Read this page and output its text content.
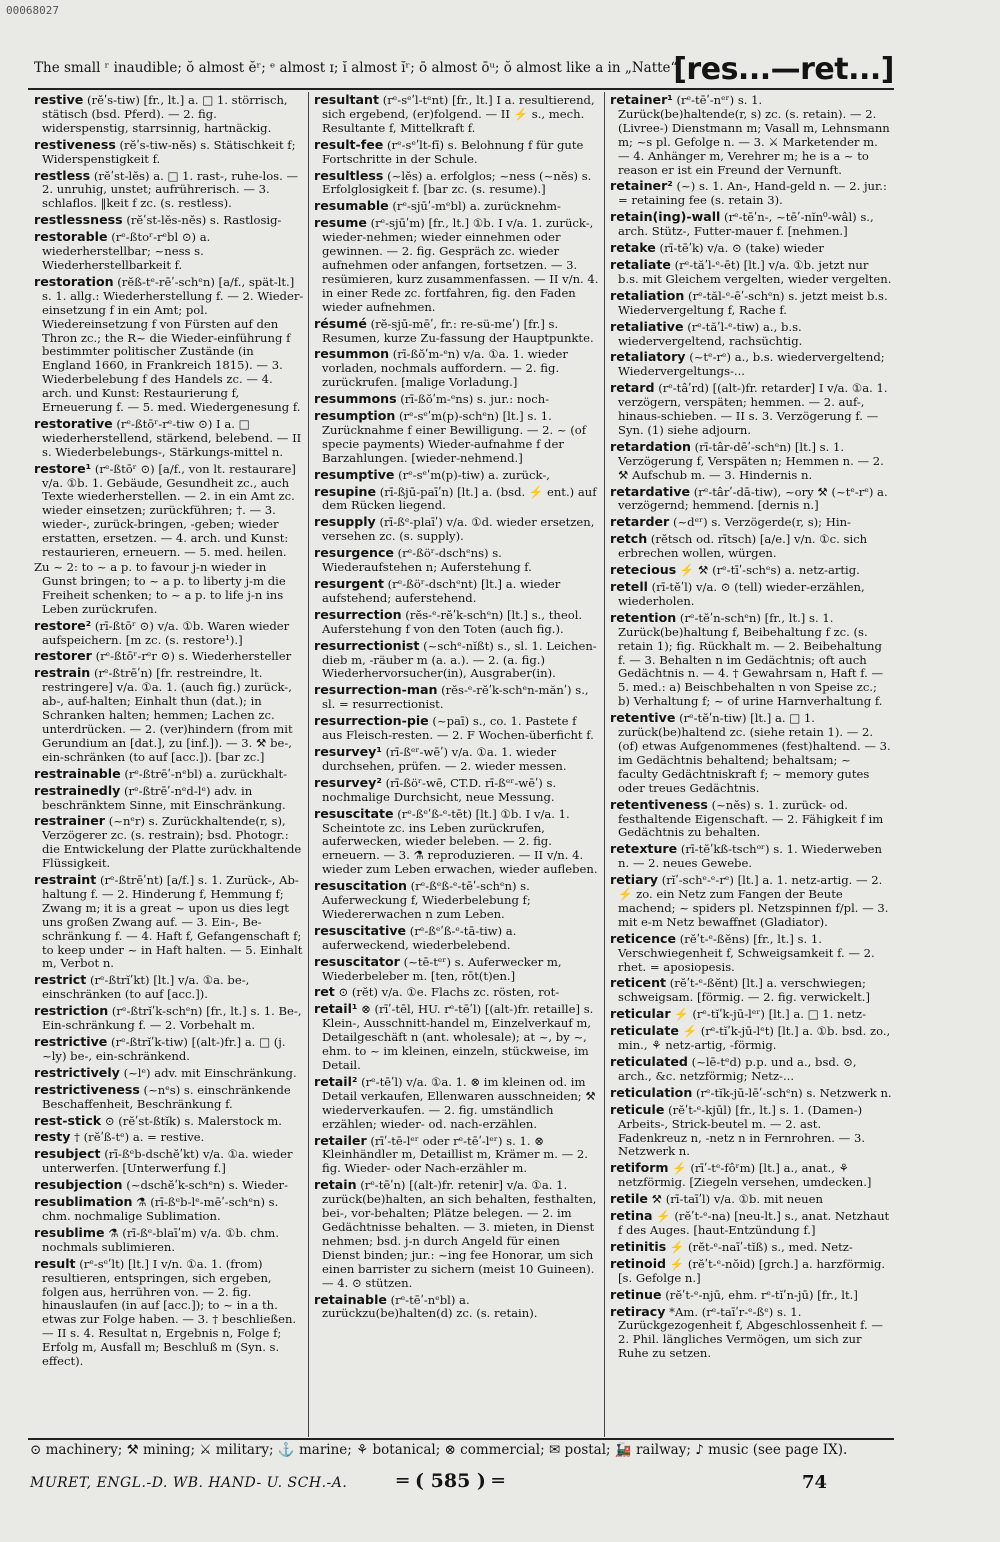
00068027
The small ʳ inaudible; ŏ almost ĕʳ; ᵉ almost ɪ; ĭ almost ĭʳ; ō almost ōᵘ; ŏ almost like a in „Natte“.
[res...—ret...]

restive (rĕʹs-tiw) [fr., lt.] a. □ 1. störrisch, stätisch (bsd. Pferd). — 2. fig. widerspenstig, starrsinnig, hartnäckig.

restiveness (rĕʹs-tiw-nĕs) s. Stätischkeit f; Widerspenstigkeit f.

restless (rĕʹst-lĕs) a. □ 1. rast-, ruhe-los. — 2. unruhig, unstet; aufrührerisch. — 3. schlaflos. ‖keit f zc. (s. restless).

restlessness (rĕʹst-lĕs-nĕs) s. Rastlosig-

restorable (rᵉ-ßtoʳ-rᵉbl ⊙) a. wiederherstellbar; ~ness s. Wiederherstellbarkeit f.

restoration (rĕß-tᵉ-rēʹ-schᵉn) [a/f., spät-lt.] s. 1. allg.: Wiederherstellung f. — 2. Wieder-einsetzung f in ein Amt; pol. Wiedereinsetzung f von Fürsten auf den Thron zc.; the R~ die Wieder-einführung f bestimmter politischer Zustände (in England 1660, in Frankreich 1815). — 3. Wiederbelebung f des Handels zc. — 4. arch. und Kunst: Restaurierung f, Erneuerung f. — 5. med. Wiedergenesung f.

restorative (rᵉ-ßtōʳ-rᵉ-tiw ⊙) I a. □ wiederherstellend, stärkend, belebend. — II s. Wiederbelebungs-, Stärkungs-mittel n.

restore¹ (rᵉ-ßtōʳ ⊙) [a/f., von lt. restaurare] v/a. ①b. 1. Gebäude, Gesundheit zc., auch Texte wiederherstellen. — 2. in ein Amt zc. wieder einsetzen; zurückführen; †. — 3. wieder-, zurück-bringen, -geben; wieder erstatten, ersetzen. — 4. arch. und Kunst: restaurieren, erneuern. — 5. med. heilen.

Zu ~ 2: to ~ a p. to favour j-n wieder in Gunst bringen; to ~ a p. to liberty j-m die Freiheit schenken; to ~ a p. to life j-n ins Leben zurückrufen.

restore² (rī-ßtōʳ ⊙) v/a. ①b. Waren wieder aufspeichern. [m zc. (s. restore¹).]

restorer (rᵉ-ßtōʳ-rᵉr ⊙) s. Wiederhersteller

restrain (rᵉ-ßtrēʹn) [fr. restreindre, lt. restringere] v/a. ①a. 1. (auch fig.) zurück-, ab-, auf-halten; Einhalt thun (dat.); in Schranken halten; hemmen; Lachen zc. unterdrücken. — 2. (ver)hindern (from mit Gerundium an [dat.], zu [inf.]). — 3. ⚒ be-, ein-schränken (to auf [acc.]). [bar zc.]

restrainable (rᵉ-ßtrēʹ-nᵉbl) a. zurückhalt-

restrainedly (rᵉ-ßtrēʹ-nᵉd-lᵉ) adv. in beschränktem Sinne, mit Einschränkung.

restrainer (~nᵉr) s. Zurückhaltende(r, s), Verzögerer zc. (s. restrain); bsd. Photogr.: die Entwickelung der Platte zurückhaltende Flüssigkeit.

restraint (rᵉ-ßtrēʹnt) [a/f.] s. 1. Zurück-, Ab-haltung f. — 2. Hinderung f, Hemmung f; Zwang m; it is a great ~ upon us dies legt uns großen Zwang auf. — 3. Ein-, Be-schränkung f. — 4. Haft f, Gefangenschaft f; to keep under ~ in Haft halten. — 5. Einhalt m, Verbot n.

restrict (rᵉ-ßtrĭʹkt) [lt.] v/a. ①a. be-, einschränken (to auf [acc.]).

restriction (rᵉ-ßtrĭʹk-schᵉn) [fr., lt.] s. 1. Be-, Ein-schränkung f. — 2. Vorbehalt m.

restrictive (rᵉ-ßtrĭʹk-tiw) [(alt-)fr.] a. □ (j. ~ly) be-, ein-schränkend.

restrictively (~lᵉ) adv. mit Einschränkung.

restrictiveness (~nᵉs) s. einschränkende Beschaffenheit, Beschränkung f.

rest-stick ⊙ (rĕʹst-ßtĭk) s. Malerstock m.

resty † (rĕʹß-tᵉ) a. = restive.

resubject (rī-ßᵉb-dschĕʹkt) v/a. ①a. wieder unterwerfen. [Unterwerfung f.]

resubjection (~dschĕʹk-schᵉn) s. Wieder-

resublimation ⚗ (rī-ßᵉb-lᵉ-mēʹ-schᵉn) s. chm. nochmalige Sublimation.

resublime ⚗ (rī-ßᵉ-blaīʹm) v/a. ①b. chm. nochmals sublimieren.

result (rᵉ-sᵉʹlt) [lt.] I v/n. ①a. 1. (from) resultieren, entspringen, sich ergeben, folgen aus, herrühren von. — 2. fig. hinauslaufen (in auf [acc.]); to ~ in a th. etwas zur Folge haben. — 3. † beschließen. — II s. 4. Resultat n, Ergebnis n, Folge f; Erfolg m, Ausfall m; Beschluß m (Syn. s. effect).

resultant (rᵉ-sᵉʹl-tᵉnt) [fr., lt.] I a. resultierend, sich ergebend, (er)folgend. — II ⚡ s., mech. Resultante f, Mittelkraft f.

result-fee (rᵉ-sᵉʹlt-fī) s. Belohnung f für gute Fortschritte in der Schule.

resultless (~lĕs) a. erfolglos; ~ness (~nĕs) s. Erfolglosigkeit f. [bar zc. (s. resume).]

resumable (rᵉ-sjūʹ-mᵉbl) a. zurücknehm-

resume (rᵉ-sjūʹm) [fr., lt.] ①b. I v/a. 1. zurück-, wieder-nehmen; wieder einnehmen oder gewinnen. — 2. fig. Gespräch zc. wieder aufnehmen oder anfangen, fortsetzen. — 3. resümieren, kurz zusammenfassen. — II v/n. 4. in einer Rede zc. fortfahren, fig. den Faden wieder aufnehmen.

résumé (rĕ-sjū-mēʹ, fr.: re-sü-meʹ) [fr.] s. Resumen, kurze Zu-fassung der Hauptpunkte.

resummon (rī-ßŏʹm-ᵉn) v/a. ①a. 1. wieder vorladen, nochmals auffordern. — 2. fig. zurückrufen. [malige Vorladung.]

resummons (rī-ßŏʹm-ᵉns) s. jur.: noch-

resumption (rᵉ-sᵉʹm(p)-schᵉn) [lt.] s. 1. Zurücknahme f einer Bewilligung. — 2. ~ (of specie payments) Wieder-aufnahme f der Barzahlungen. [wieder-nehmend.]

resumptive (rᵉ-sᵉʹm(p)-tiw) a. zurück-,

resupine (rī-ßjū-paīʹn) [lt.] a. (bsd. ⚡ ent.) auf dem Rücken liegend.

resupply (rī-ßᵉ-plaīʹ) v/a. ①d. wieder ersetzen, versehen zc. (s. supply).

resurgence (rᵉ-ßöʳ-dschᵉns) s. Wiederaufstehen n; Auferstehung f.

resurgent (rᵉ-ßöʳ-dschᵉnt) [lt.] a. wieder aufstehend; auferstehend.

resurrection (rĕs-ᵉ-rĕʹk-schᵉn) [lt.] s., theol. Auferstehung f von den Toten (auch fig.).

resurrectionist (~schᵉ-nĭßt) s., sl. 1. Leichen-dieb m, -räuber m (a. a.). — 2. (a. fig.) Wiederhervorsucher(in), Ausgraber(in).

resurrection-man (rĕs-ᵉ-rĕʹk-schᵉn-mănʹ) s., sl. = resurrectionist.

resurrection-pie (~paī) s., co. 1. Pastete f aus Fleisch-resten. — 2. F Wochen-überficht f.

resurvey¹ (rī-ßᵉʳ-wēʹ) v/a. ①a. 1. wieder durchsehen, prüfen. — 2. wieder messen.

resurvey² (rī-ßöʳ-wē, CT.D. rī-ßᵉʳ-wēʹ) s. nochmalige Durchsicht, neue Messung.

resuscitate (rᵉ-ßᵉʹß-ᵉ-tēt) [lt.] ①b. I v/a. 1. Scheintote zc. ins Leben zurückrufen, auferwecken, wieder beleben. — 2. fig. erneuern. — 3. ⚗ reproduzieren. — II v/n. 4. wieder zum Leben erwachen, wieder aufleben.

resuscitation (rᵉ-ßᵉß-ᵉ-tēʹ-schᵉn) s. Auferweckung f, Wiederbelebung f; Wiedererwachen n zum Leben.

resuscitative (rᵉ-ßᵉʹß-ᵉ-tā-tiw) a. auferweckend, wiederbelebend.

resuscitator (~tē-tᵉʳ) s. Auferwecker m, Wiederbeleber m. [ten, rōt(t)en.]

ret ⊙ (rĕt) v/a. ①e. Flachs zc. rösten, rot-

retail¹ ⊗ (rīʹ-tēl, HU. rᵉ-tēʹl) [(alt-)fr. retaille] s. Klein-, Ausschnitt-handel m, Einzelverkauf m, Detailgeschäft n (ant. wholesale); at ~, by ~, ehm. to ~ im kleinen, einzeln, stückweise, im Detail.

retail² (rᵉ-tēʹl) v/a. ①a. 1. ⊗ im kleinen od. im Detail verkaufen, Ellenwaren ausschneiden; ⚒ wiederverkaufen. — 2. fig. umständlich erzählen; wieder- od. nach-erzählen.

retailer (rīʹ-tē-lᵉʳ oder rᵉ-tēʹ-lᵉʳ) s. 1. ⊗ Kleinhändler m, Detaillist m, Krämer m. — 2. fig. Wieder- oder Nach-erzähler m.

retain (rᵉ-tēʹn) [(alt-)fr. retenir] v/a. ①a. 1. zurück(be)halten, an sich behalten, festhalten, bei-, vor-behalten; Plätze belegen. — 2. im Gedächtnisse behalten. — 3. mieten, in Dienst nehmen; bsd. j-n durch Angeld für einen Dienst binden; jur.: ~ing fee Honorar, um sich einen barrister zu sichern (meist 10 Guineen). — 4. ⊙ stützen.

retainable (rᵉ-tēʹ-nᵉbl) a. zurückzu(be)halten(d) zc. (s. retain).

retainer¹ (rᵉ-tēʹ-nᵉʳ) s. 1. Zurück(be)haltende(r, s) zc. (s. retain). — 2. (Livree-) Dienstmann m; Vasall m, Lehnsmann m; ~s pl. Gefolge n. — 3. ⚔ Marketender m. — 4. Anhänger m, Verehrer m; he is a ~ to reason er ist ein Freund der Vernunft.

retainer² (~) s. 1. An-, Hand-geld n. — 2. jur.: = retaining fee (s. retain 3).

retain(ing)-wall (rᵉ-tēʹn-, ~tēʹ-nĭn⁰-wâl) s., arch. Stütz-, Futter-mauer f. [nehmen.]

retake (rī-tēʹk) v/a. ⊙ (take) wieder

retaliate (rᵉ-tăʹl-ᵉ-ēt) [lt.] v/a. ①b. jetzt nur b.s. mit Gleichem vergelten, wieder vergelten.

retaliation (rᵉ-tăl-ᵉ-ēʹ-schᵉn) s. jetzt meist b.s. Wiedervergeltung f, Rache f.

retaliative (rᵉ-tăʹl-ᵉ-tiw) a., b.s. wiedervergeltend, rachsüchtig.

retaliatory (~tᵉ-rᵉ) a., b.s. wiedervergeltend; Wiedervergeltungs-...

retard (rᵉ-tâʹrd) [(alt-)fr. retarder] I v/a. ①a. 1. verzögern, verspäten; hemmen. — 2. auf-, hinaus-schieben. — II s. 3. Verzögerung f. — Syn. (1) siehe adjourn.

retardation (rī-târ-dēʹ-schᵉn) [lt.] s. 1. Verzögerung f, Verspäten n; Hemmen n. — 2. ⚒ Aufschub m. — 3. Hindernis n.

retardative (rᵉ-târʹ-dā-tiw), ~ory ⚒ (~tᵉ-rᵉ) a. verzögernd; hemmend. [dernis n.]

retarder (~dᵉʳ) s. Verzögerde(r, s); Hin-

retch (rĕtsch od. rītsch) [a/e.] v/n. ①c. sich erbrechen wollen, würgen.

retecious ⚡ ⚒ (rᵉ-tīʹ-schᵉs) a. netz-artig.

retell (rī-tĕʹl) v/a. ⊙ (tell) wieder-erzählen, wiederholen.

retention (rᵉ-tĕʹn-schᵉn) [fr., lt.] s. 1. Zurück(be)haltung f, Beibehaltung f zc. (s. retain 1); fig. Rückhalt m. — 2. Beibehaltung f. — 3. Behalten n im Gedächtnis; oft auch Gedächtnis n. — 4. † Gewahrsam n, Haft f. — 5. med.: a) Beischbehalten n von Speise zc.; b) Verhaltung f; ~ of urine Harnverhaltung f.

retentive (rᵉ-tĕʹn-tiw) [lt.] a. □ 1. zurück(be)haltend zc. (siehe retain 1). — 2. (of) etwas Aufgenommenes (fest)haltend. — 3. im Gedächtnis behaltend; behaltsam; ~ faculty Gedächtniskraft f; ~ memory gutes oder treues Gedächtnis.

retentiveness (~nĕs) s. 1. zurück- od. festhaltende Eigenschaft. — 2. Fähigkeit f im Gedächtnis zu behalten.

retexture (rī-tĕʹkß-tschᵒʳ) s. 1. Wiederweben n. — 2. neues Gewebe.

retiary (rĭʹ-schᵉ-ᵉ-rᵉ) [lt.] a. 1. netz-artig. — 2. ⚡ zo. ein Netz zum Fangen der Beute machend; ~ spiders pl. Netzspinnen f/pl. — 3. mit e-m Netz bewaffnet (Gladiator).

reticence (rĕʹt-ᵉ-ßĕns) [fr., lt.] s. 1. Verschwiegenheit f, Schweigsamkeit f. — 2. rhet. = aposiopesis.

reticent (rĕʹt-ᵉ-ßĕnt) [lt.] a. verschwiegen; schweigsam. [förmig. — 2. fig. verwickelt.]

reticular ⚡ (rᵉ-tĭʹk-jū-lᵉʳ) [lt.] a. □ 1. netz-

reticulate ⚡ (rᵉ-tĭʹk-jū-lᵉt) [lt.] a. ①b. bsd. zo., min., ⚘ netz-artig, -förmig.

reticulated (~lē-tᵉd) p.p. und a., bsd. ⊙, arch., &c. netzförmig; Netz-...

reticulation (rᵉ-tĭk-jū-lēʹ-schᵉn) s. Netzwerk n.

reticule (rĕʹt-ᵉ-kjūl) [fr., lt.] s. 1. (Damen-) Arbeits-, Strick-beutel m. — 2. ast. Fadenkreuz n, -netz n in Fernrohren. — 3. Netzwerk n.

retiform ⚡ (rīʹ-tᵉ-fôʳm) [lt.] a., anat., ⚘ netzförmig. [Ziegeln versehen, umdecken.]

retile ⚒ (rī-taīʹl) v/a. ①b. mit neuen

retina ⚡ (rĕʹt-ᵉ-na) [neu-lt.] s., anat. Netzhaut f des Auges. [haut-Entzündung f.]

retinitis ⚡ (rĕt-ᵉ-naīʹ-tĭß) s., med. Netz-

retinoid ⚡ (rĕʹt-ᵉ-nŏid) [grch.] a. harzförmig. [s. Gefolge n.]

retinue (rĕʹt-ᵉ-njū, ehm. rᵉ-tĭʹn-jū) [fr., lt.]

retiracy *Am. (rᵉ-taīʹr-ᵉ-ßᵉ) s. 1. Zurückgezogenheit f, Abgeschlossenheit f. — 2. Phil. längliches Vermögen, um sich zur Ruhe zu setzen.

⊙ machinery; ⚒ mining; ⚔ military; ⚓ marine; ⚘ botanical; ⊗ commercial; ✉ postal; 🚂 railway; ♪ music (see page IX).
MURET, ENGL.-D. WB. HAND- U. SCH.-A.	═ ( 585 ) ═	74
